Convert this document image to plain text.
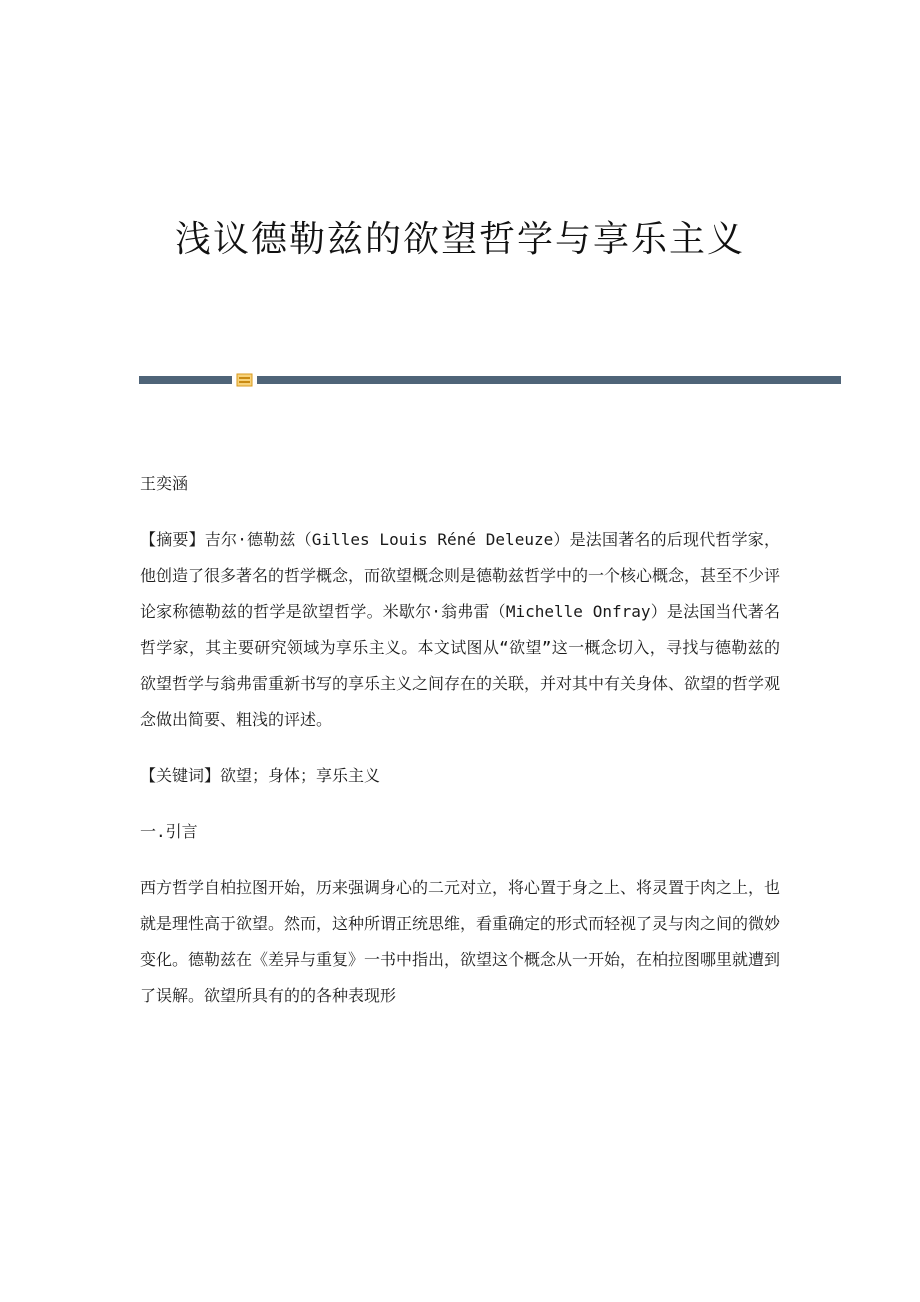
浅议德勒兹的欲望哲学与享乐主义

王奕涵

【摘要】吉尔·德勒兹（Gilles Louis Réné Deleuze）是法国著名的后现代哲学家，他创造了很多著名的哲学概念，而欲望概念则是德勒兹哲学中的一个核心概念，甚至不少评论家称德勒兹的哲学是欲望哲学。米歇尔·翁弗雷（Michelle Onfray）是法国当代著名哲学家，其主要研究领域为享乐主义。本文试图从“欲望”这一概念切入，寻找与德勒兹的欲望哲学与翁弗雷重新书写的享乐主义之间存在的关联，并对其中有关身体、欲望的哲学观念做出简要、粗浅的评述。

【关键词】欲望；身体；享乐主义

一.引言

西方哲学自柏拉图开始，历来强调身心的二元对立，将心置于身之上、将灵置于肉之上，也就是理性高于欲望。然而，这种所谓正统思维，看重确定的形式而轻视了灵与肉之间的微妙变化。德勒兹在《差异与重复》一书中指出，欲望这个概念从一开始，在柏拉图哪里就遭到了误解。欲望所具有的的各种表现形
